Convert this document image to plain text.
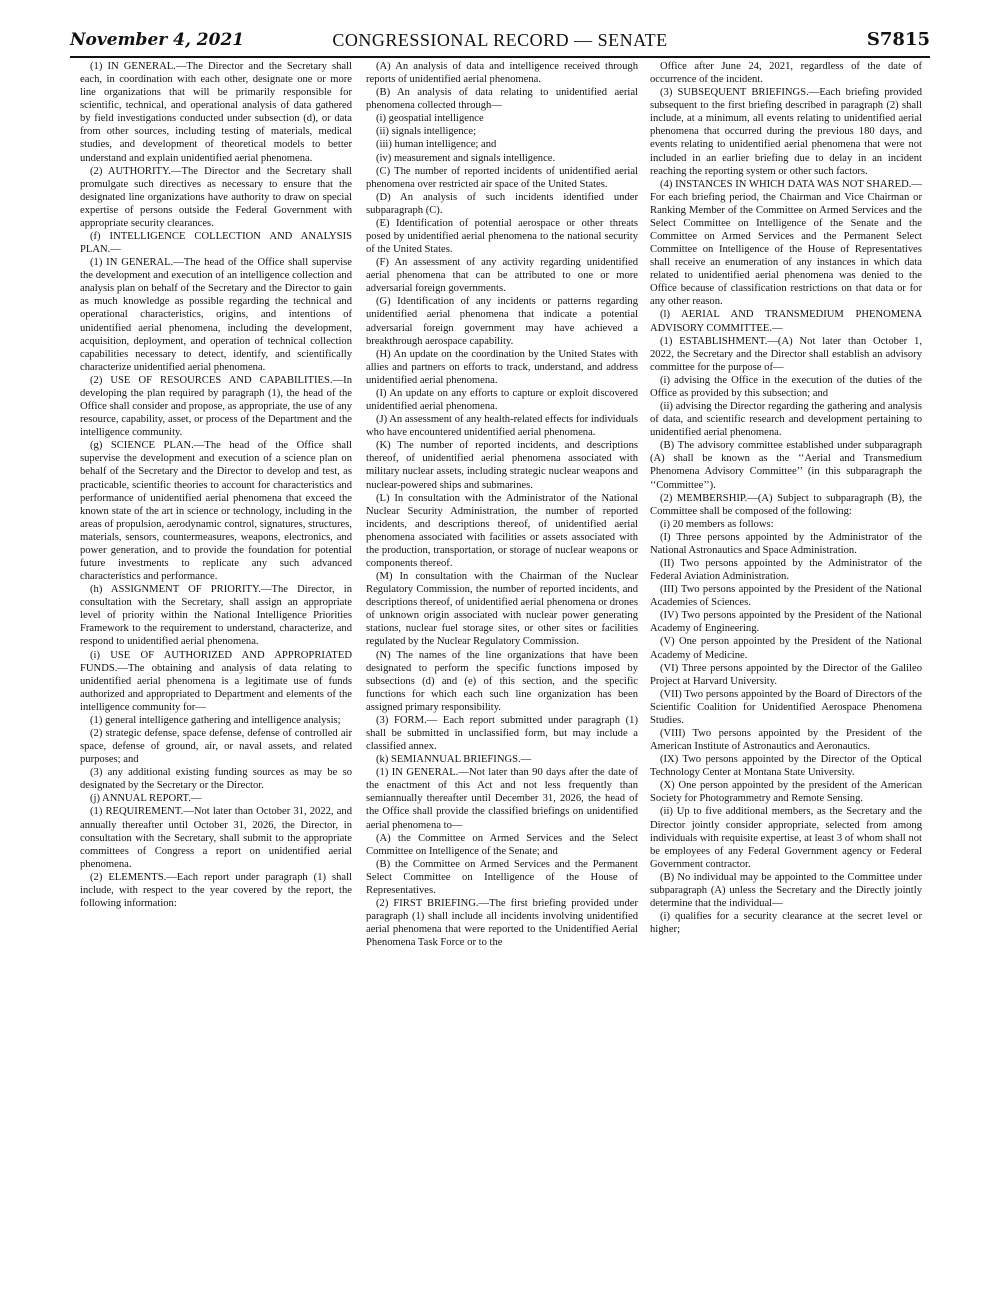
November 4, 2021	CONGRESSIONAL RECORD — SENATE	S7815

(1) IN GENERAL.—The Director and the Secretary shall each, in coordination with each other, designate one or more line organizations that will be primarily responsible for scientific, technical, and operational analysis of data gathered by field investigations conducted under subsection (d), or data from other sources, including testing of materials, medical studies, and development of theoretical models to better understand and explain unidentified aerial phenomena.

(2) AUTHORITY.—The Director and the Secretary shall promulgate such directives as necessary to ensure that the designated line organizations have authority to draw on special expertise of persons outside the Federal Government with appropriate security clearances.

(f) INTELLIGENCE COLLECTION AND ANALYSIS PLAN.—

(1) IN GENERAL.—The head of the Office shall supervise the development and execution of an intelligence collection and analysis plan on behalf of the Secretary and the Director to gain as much knowledge as possible regarding the technical and operational characteristics, origins, and intentions of unidentified aerial phenomena, including the development, acquisition, deployment, and operation of technical collection capabilities necessary to detect, identify, and scientifically characterize unidentified aerial phenomena.

(2) USE OF RESOURCES AND CAPABILITIES.—In developing the plan required by paragraph (1), the head of the Office shall consider and propose, as appropriate, the use of any resource, capability, asset, or process of the Department and the intelligence community.

(g) SCIENCE PLAN.—The head of the Office shall supervise the development and execution of a science plan on behalf of the Secretary and the Director to develop and test, as practicable, scientific theories to account for characteristics and performance of unidentified aerial phenomena that exceed the known state of the art in science or technology, including in the areas of propulsion, aerodynamic control, signatures, structures, materials, sensors, countermeasures, weapons, electronics, and power generation, and to provide the foundation for potential future investments to replicate any such advanced characteristics and performance.

(h) ASSIGNMENT OF PRIORITY.—The Director, in consultation with the Secretary, shall assign an appropriate level of priority within the National Intelligence Priorities Framework to the requirement to understand, characterize, and respond to unidentified aerial phenomena.

(i) USE OF AUTHORIZED AND APPROPRIATED FUNDS.—The obtaining and analysis of data relating to unidentified aerial phenomena is a legitimate use of funds authorized and appropriated to Department and elements of the intelligence community for—

(1) general intelligence gathering and intelligence analysis;

(2) strategic defense, space defense, defense of controlled air space, defense of ground, air, or naval assets, and related purposes; and

(3) any additional existing funding sources as may be so designated by the Secretary or the Director.

(j) ANNUAL REPORT.—

(1) REQUIREMENT.—Not later than October 31, 2022, and annually thereafter until October 31, 2026, the Director, in consultation with the Secretary, shall submit to the appropriate committees of Congress a report on unidentified aerial phenomena.

(2) ELEMENTS.—Each report under paragraph (1) shall include, with respect to the year covered by the report, the following information:

(A) An analysis of data and intelligence received through reports of unidentified aerial phenomena.

(B) An analysis of data relating to unidentified aerial phenomena collected through—

(i) geospatial intelligence

(ii) signals intelligence;

(iii) human intelligence; and

(iv) measurement and signals intelligence.

(C) The number of reported incidents of unidentified aerial phenomena over restricted air space of the United States.

(D) An analysis of such incidents identified under subparagraph (C).

(E) Identification of potential aerospace or other threats posed by unidentified aerial phenomena to the national security of the United States.

(F) An assessment of any activity regarding unidentified aerial phenomena that can be attributed to one or more adversarial foreign governments.

(G) Identification of any incidents or patterns regarding unidentified aerial phenomena that indicate a potential adversarial foreign government may have achieved a breakthrough aerospace capability.

(H) An update on the coordination by the United States with allies and partners on efforts to track, understand, and address unidentified aerial phenomena.

(I) An update on any efforts to capture or exploit discovered unidentified aerial phenomena.

(J) An assessment of any health-related effects for individuals who have encountered unidentified aerial phenomena.

(K) The number of reported incidents, and descriptions thereof, of unidentified aerial phenomena associated with military nuclear assets, including strategic nuclear weapons and nuclear-powered ships and submarines.

(L) In consultation with the Administrator of the National Nuclear Security Administration, the number of reported incidents, and descriptions thereof, of unidentified aerial phenomena associated with facilities or assets associated with the production, transportation, or storage of nuclear weapons or components thereof.

(M) In consultation with the Chairman of the Nuclear Regulatory Commission, the number of reported incidents, and descriptions thereof, of unidentified aerial phenomena or drones of unknown origin associated with nuclear power generating stations, nuclear fuel storage sites, or other sites or facilities regulated by the Nuclear Regulatory Commission.

(N) The names of the line organizations that have been designated to perform the specific functions imposed by subsections (d) and (e) of this section, and the specific functions for which each such line organization has been assigned primary responsibility.

(3) FORM.— Each report submitted under paragraph (1) shall be submitted in unclassified form, but may include a classified annex.

(k) SEMIANNUAL BRIEFINGS.—

(1) IN GENERAL.—Not later than 90 days after the date of the enactment of this Act and not less frequently than semiannually thereafter until December 31, 2026, the head of the Office shall provide the classified briefings on unidentified aerial phenomena to—

(A) the Committee on Armed Services and the Select Committee on Intelligence of the Senate; and

(B) the Committee on Armed Services and the Permanent Select Committee on Intelligence of the House of Representatives.

(2) FIRST BRIEFING.—The first briefing provided under paragraph (1) shall include all incidents involving unidentified aerial phenomena that were reported to the Unidentified Aerial Phenomena Task Force or to the

Office after June 24, 2021, regardless of the date of occurrence of the incident.

(3) SUBSEQUENT BRIEFINGS.—Each briefing provided subsequent to the first briefing described in paragraph (2) shall include, at a minimum, all events relating to unidentified aerial phenomena that occurred during the previous 180 days, and events relating to unidentified aerial phenomena that were not included in an earlier briefing due to delay in an incident reaching the reporting system or other such factors.

(4) INSTANCES IN WHICH DATA WAS NOT SHARED.—For each briefing period, the Chairman and Vice Chairman or Ranking Member of the Committee on Armed Services and the Select Committee on Intelligence of the Senate and the Committee on Armed Services and the Permanent Select Committee on Intelligence of the House of Representatives shall receive an enumeration of any instances in which data related to unidentified aerial phenomena was denied to the Office because of classification restrictions on that data or for any other reason.

(l) AERIAL AND TRANSMEDIUM PHENOMENA ADVISORY COMMITTEE.—

(1) ESTABLISHMENT.—(A) Not later than October 1, 2022, the Secretary and the Director shall establish an advisory committee for the purpose of—

(i) advising the Office in the execution of the duties of the Office as provided by this subsection; and

(ii) advising the Director regarding the gathering and analysis of data, and scientific research and development pertaining to unidentified aerial phenomena.

(B) The advisory committee established under subparagraph (A) shall be known as the ‘‘Aerial and Transmedium Phenomena Advisory Committee’’ (in this subparagraph the ‘‘Committee’’).

(2) MEMBERSHIP.—(A) Subject to subparagraph (B), the Committee shall be composed of the following:

(i) 20 members as follows:

(I) Three persons appointed by the Administrator of the National Astronautics and Space Administration.

(II) Two persons appointed by the Administrator of the Federal Aviation Administration.

(III) Two persons appointed by the President of the National Academies of Sciences.

(IV) Two persons appointed by the President of the National Academy of Engineering.

(V) One person appointed by the President of the National Academy of Medicine.

(VI) Three persons appointed by the Director of the Galileo Project at Harvard University.

(VII) Two persons appointed by the Board of Directors of the Scientific Coalition for Unidentified Aerospace Phenomena Studies.

(VIII) Two persons appointed by the President of the American Institute of Astronautics and Aeronautics.

(IX) Two persons appointed by the Director of the Optical Technology Center at Montana State University.

(X) One person appointed by the president of the American Society for Photogrammetry and Remote Sensing.

(ii) Up to five additional members, as the Secretary and the Director jointly consider appropriate, selected from among individuals with requisite expertise, at least 3 of whom shall not be employees of any Federal Government agency or Federal Government contractor.

(B) No individual may be appointed to the Committee under subparagraph (A) unless the Secretary and the Directly jointly determine that the individual—

(i) qualifies for a security clearance at the secret level or higher;
